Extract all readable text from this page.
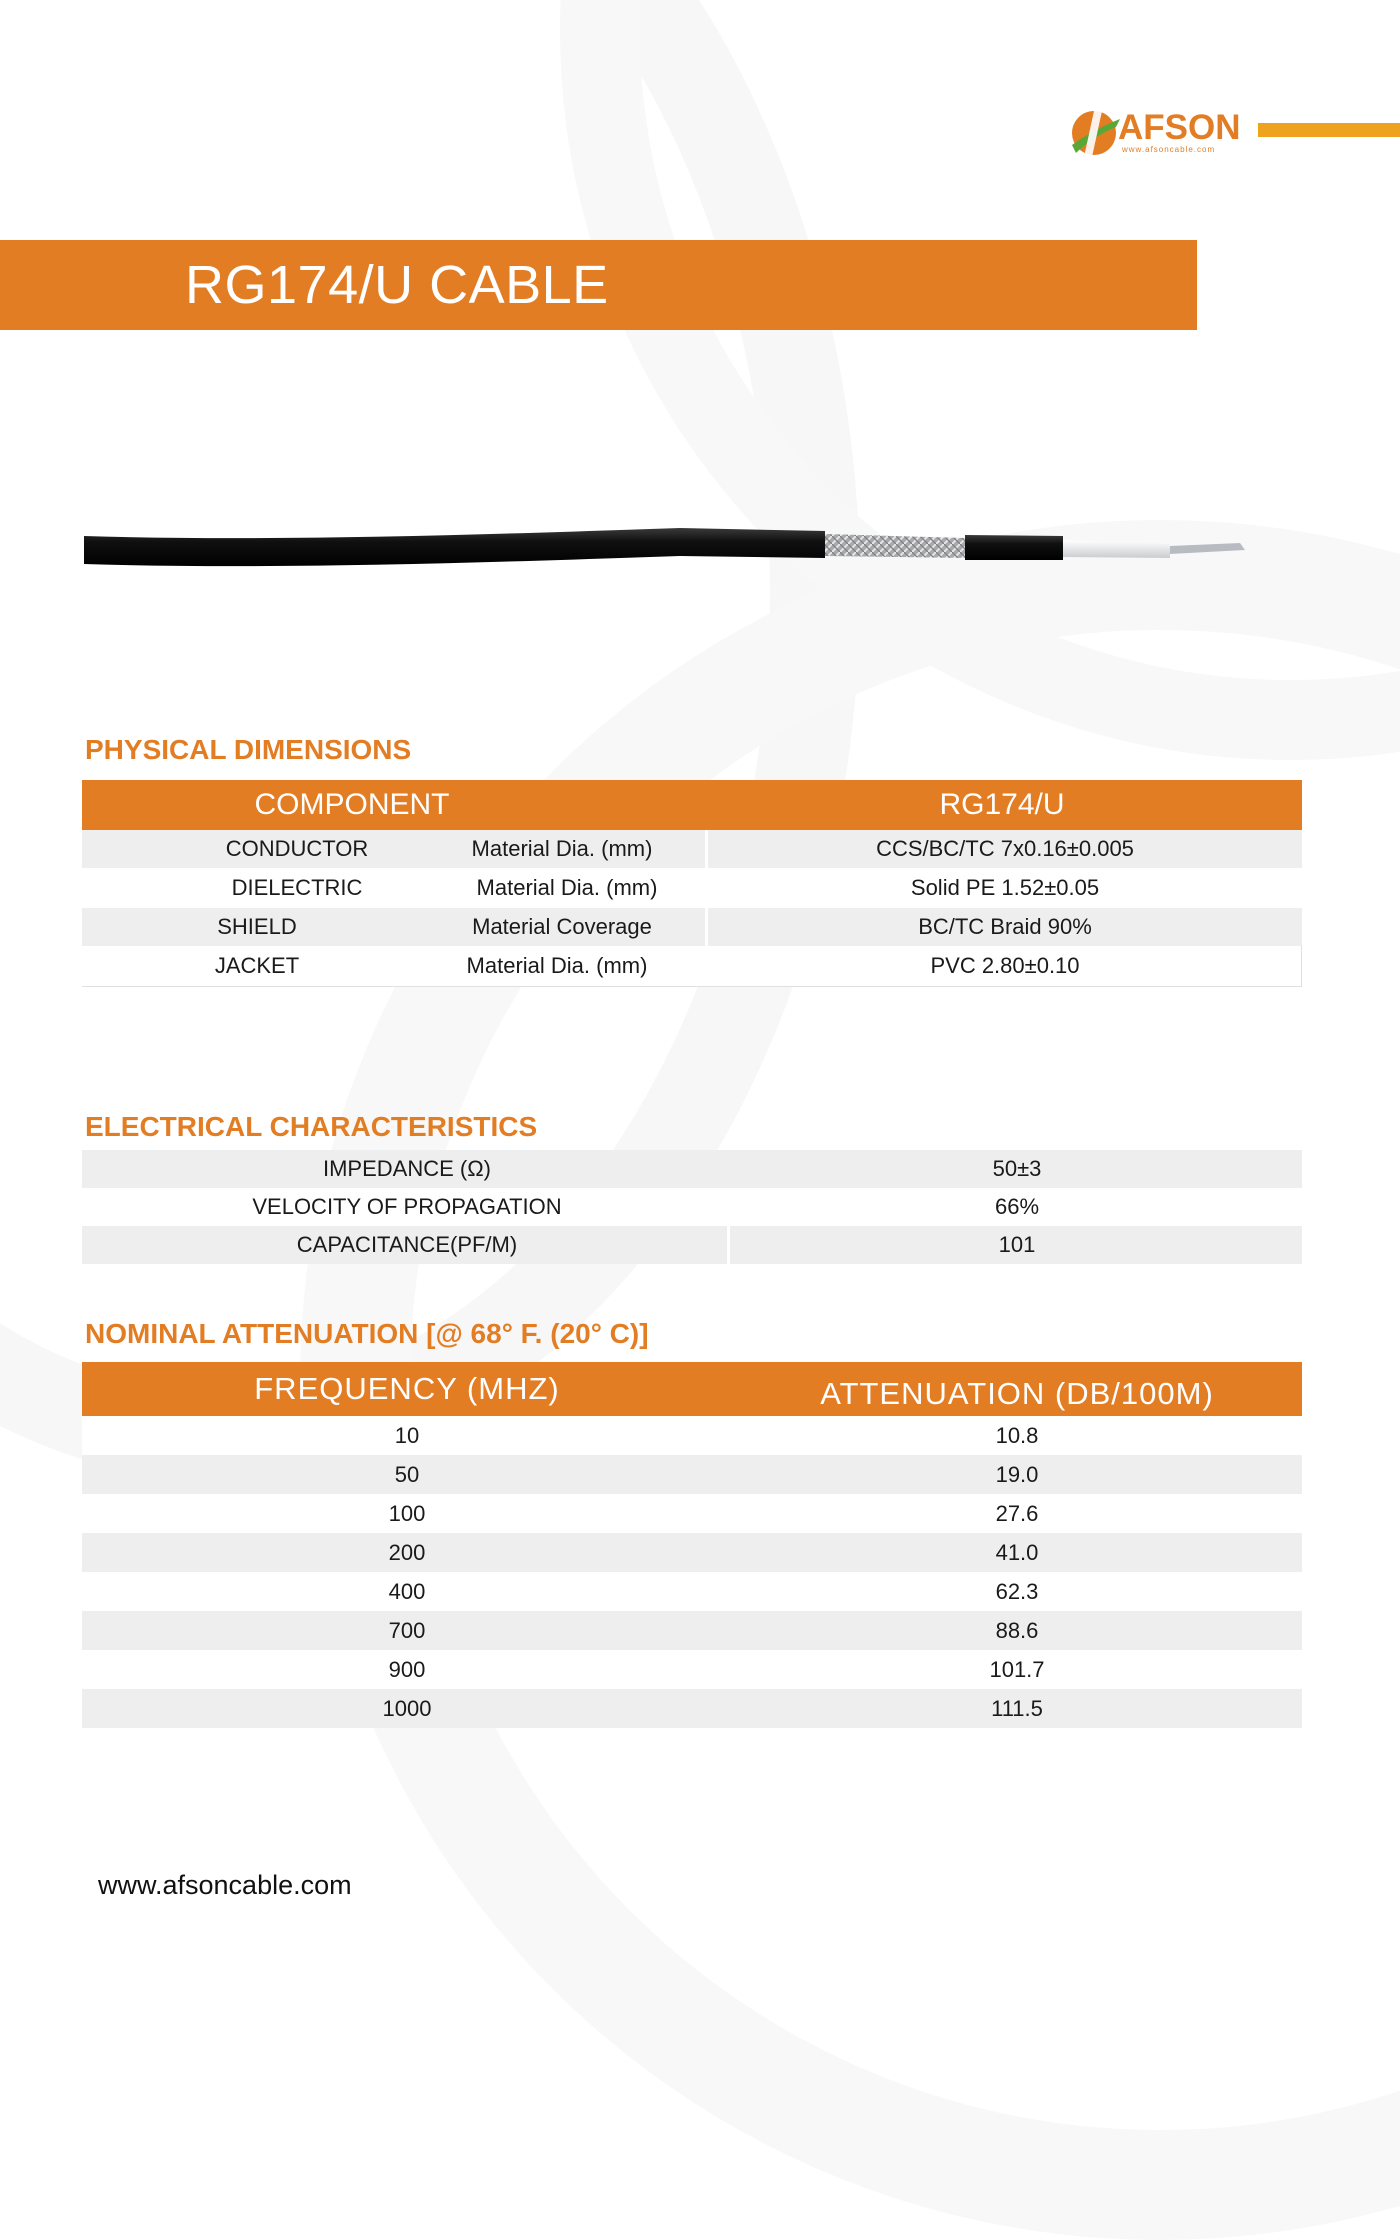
AFSON
www.afsoncable.com
RG174/U CABLE
PHYSICAL DIMENSIONS
COMPONENT	RG174/U
CONDUCTOR	Material Dia. (mm)	CCS/BC/TC 7x0.16±0.005
DIELECTRIC	Material Dia. (mm)	Solid PE 1.52±0.05
SHIELD	Material Coverage	BC/TC Braid 90%
JACKET	Material Dia. (mm)	PVC 2.80±0.10
ELECTRICAL CHARACTERISTICS
IMPEDANCE (Ω)	50±3
VELOCITY OF PROPAGATION	66%
CAPACITANCE(PF/M)	101
NOMINAL ATTENUATION [@ 68° F. (20° C)]
FREQUENCY (MHZ)	ATTENUATION (DB/100M)
10	10.8
50	19.0
100	27.6
200	41.0
400	62.3
700	88.6
900	101.7
1000	111.5
www.afsoncable.com
